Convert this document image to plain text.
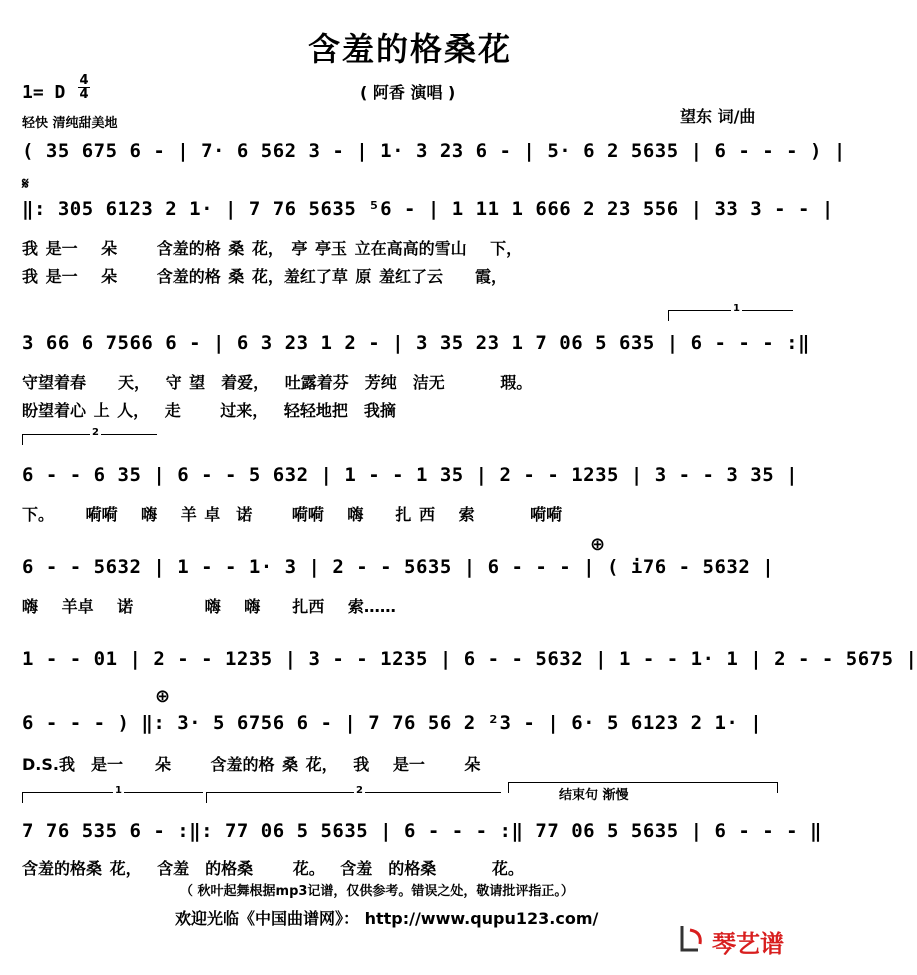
含羞的格桑花
( 阿香 演唱 )
1= D
4
4
轻快 清纯甜美地	望东 词/曲
( 35 675 6 - | 7· 6 562 3 - | 1· 3 23 6 - | 5· 6 2 5635 | 6 - - - ) |
𝄋
‖: 305 6123 2 1· | 7 76 5635 ⁵6 - | 1 11 1 666 2 23 556 | 33 3 - - |
我 是一　 朵　　 含羞的格 桑 花， 亭 亭玉 立在高高的雪山　 下，
我 是一　 朵　　 含羞的格 桑 花，羞红了草 原 羞红了云　　霞，
1
3 66 6 7566 6 - | 6 3 23 1 2 - | 3 35 23 1 7 06 5 635 | 6 - - - :‖
守望着春　　天，　 守 望　着爱，　 吐露着芬　芳纯　洁无　　　 瑕。
盼望着心 上 人，　 走　　 过来，　 轻轻地把　我摘
2
6 - - 6 35 | 6 - - 5 632 | 1 - - 1 35 | 2 - - 1235 | 3 - - 3 35 |
下。　　 嗬嗬　 嗨　 羊 卓　诺　　 嗬嗬　 嗨　　扎 西　 索　　　 嗬嗬
⊕
6 - - 5632 | 1 - - 1· 3 | 2 - - 5635 | 6 - - - | ( i76 - 5632 |
嗨　 羊卓　 诺　　　　 嗨　 嗨　　扎西　 索……
1 - - 01 | 2 - - 1235 | 3 - - 1235 | 6 - - 5632 | 1 - - 1· 1 | 2 - - 5675 |
⊕
6 - - - ) ‖: 3· 5 6756 6 - | 7 76 56 2 ²3 - | 6· 5 6123 2 1· |
D.S.我　是一　　朵　　 含羞的格 桑 花，　 我　 是一　　 朵
1	2	结束句 渐慢
7 76 535 6 - :‖: 77 06 5 5635 | 6 - - - :‖ 77 06 5 5635 | 6 - - - ‖
含羞的格桑 花，　 含羞　的格桑　　 花。　 含羞　的格桑　　　 花。
（ 秋叶起舞根据mp3记谱，仅供参考。错误之处，敬请批评指正。）
欢迎光临《中国曲谱网》： http://www.qupu123.com/
琴艺谱
